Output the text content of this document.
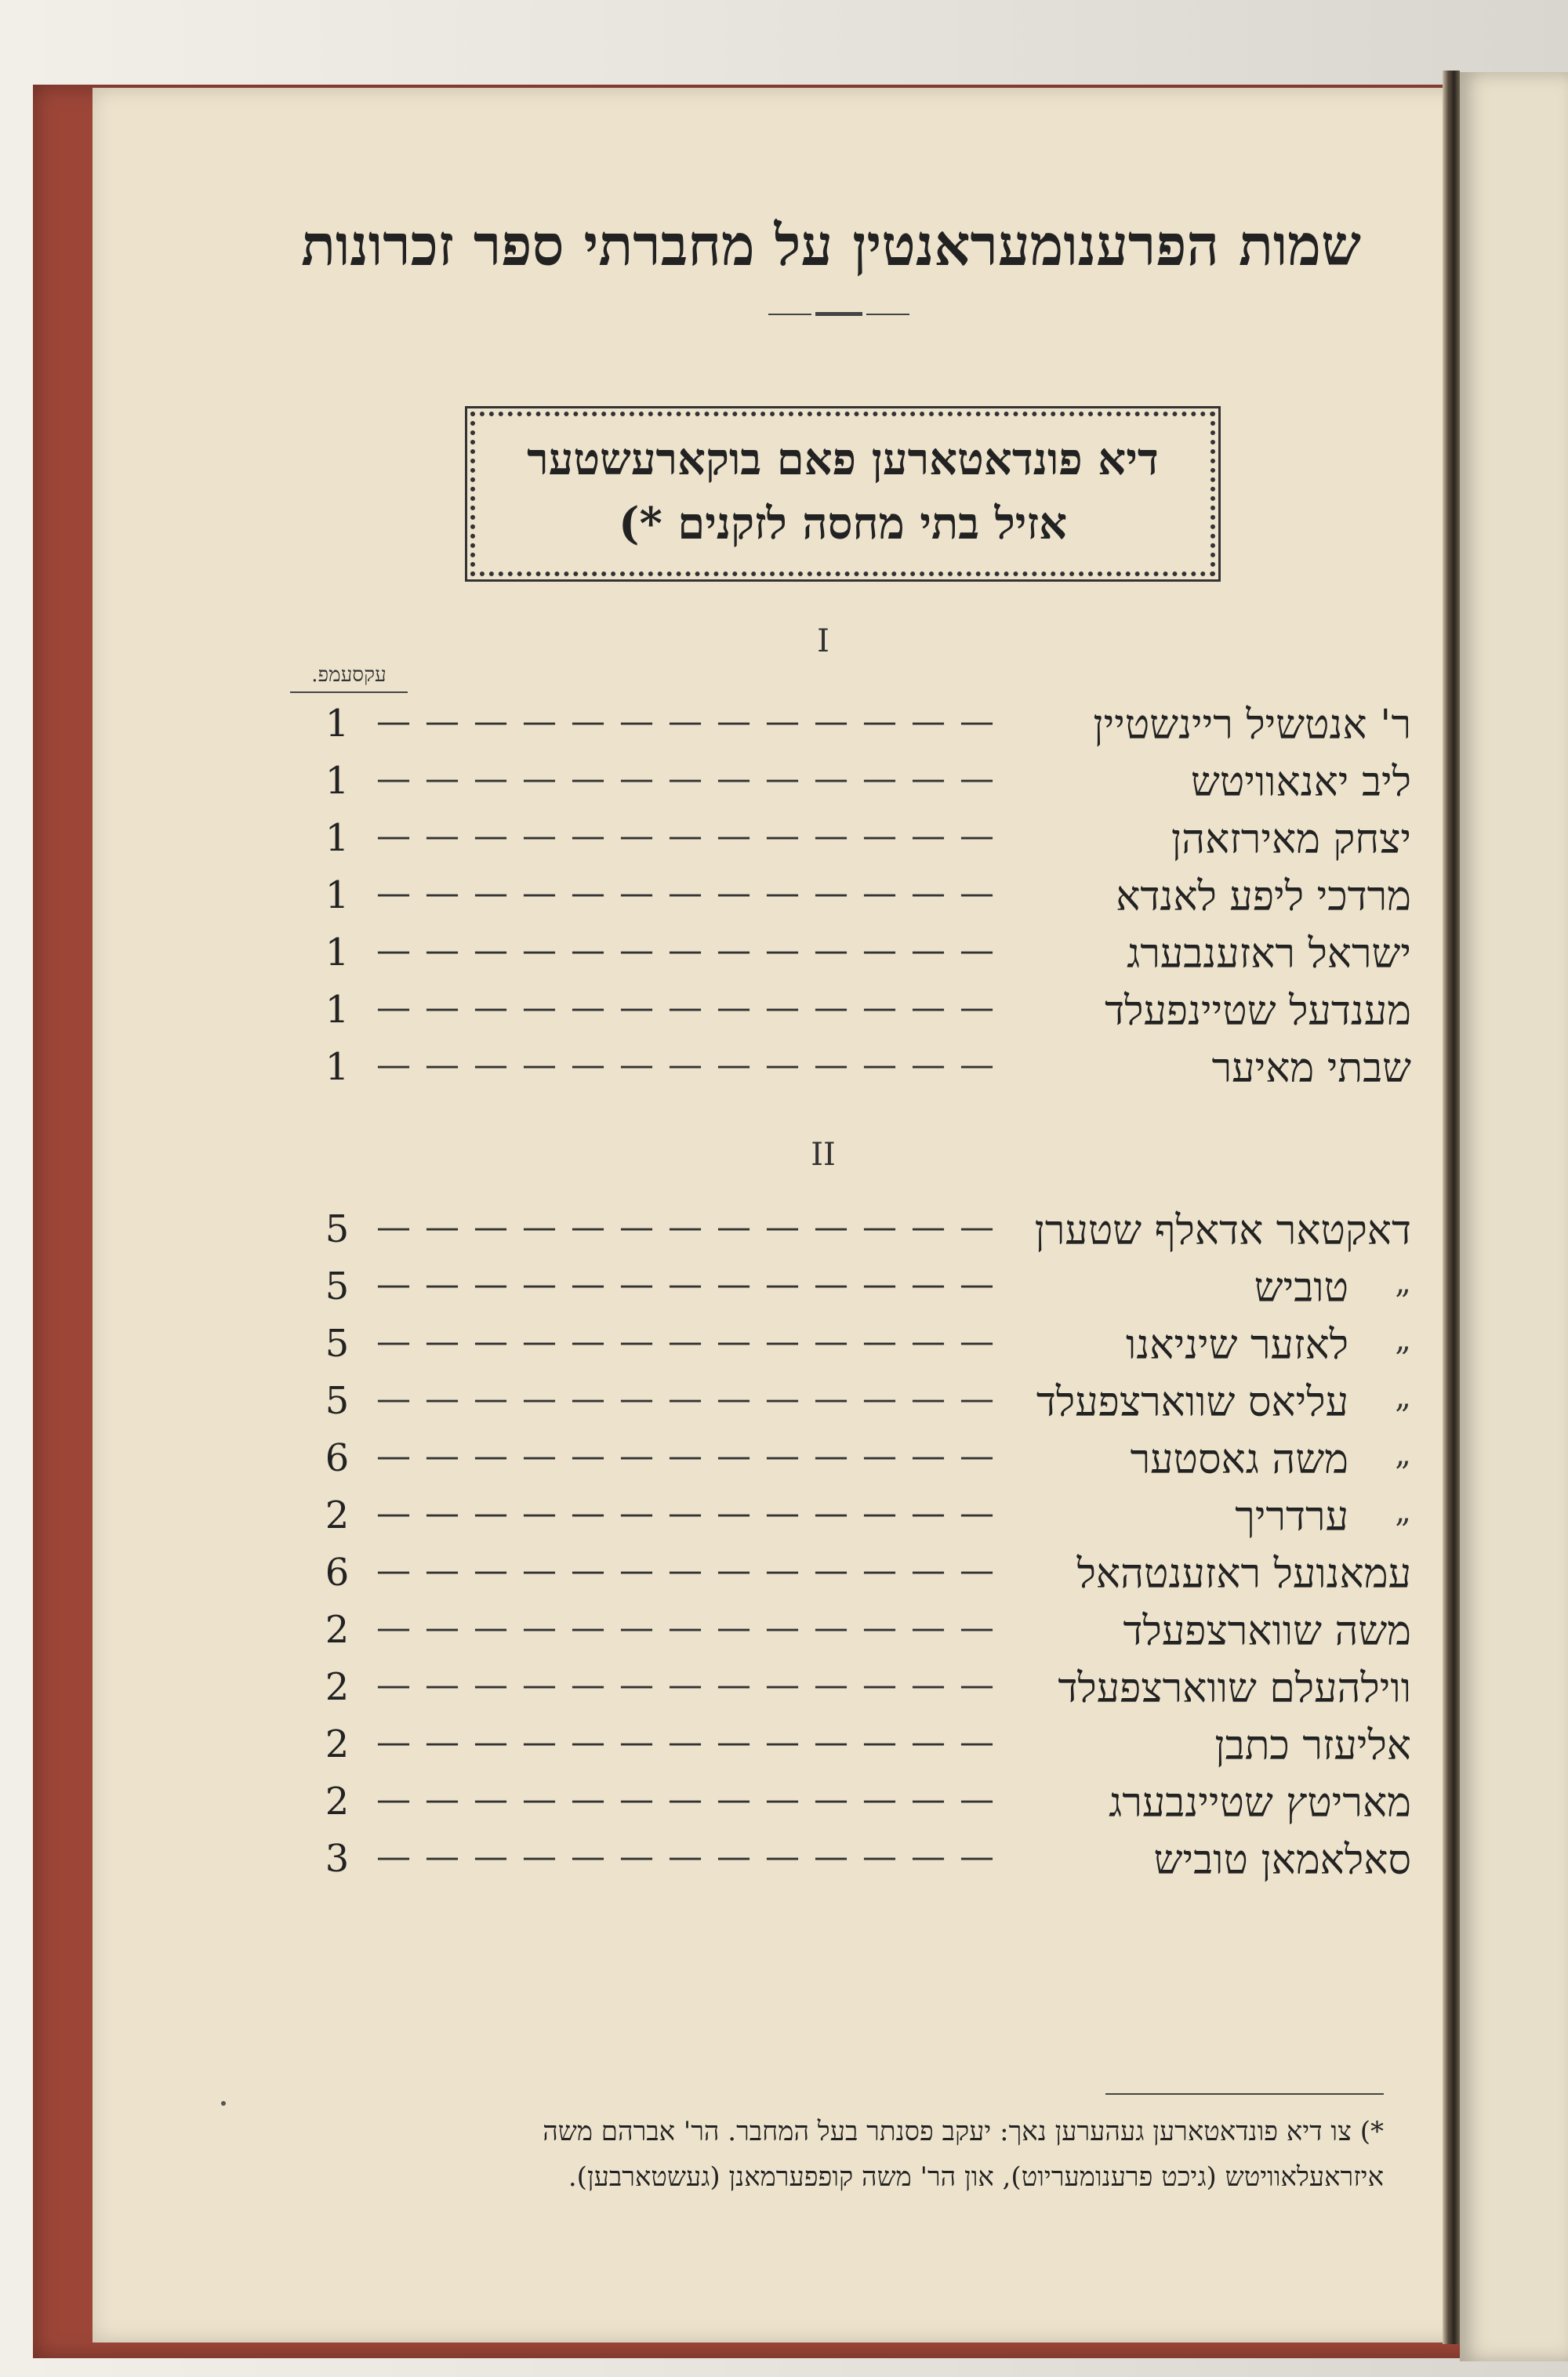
שמות הפרענומעראנטין על מחברתי ספר זכרונות
דיא פונדאטארען פאם בוקארעשטער
אזיל בתי מחסה לזקנים *)
I
עקסעמפ.
1 —————————————	ר' אנטשיל ריינשטיין
1 —————————————	ליב יאנאוויטש
1 —————————————	יצחק מאירזאהן
1 —————————————	מרדכי ליפע לאנדא
1 —————————————	ישראל ראזענבערג
1 —————————————	מענדעל שטיינפעלד
1 —————————————	שבתי מאיער
II
5 ————————————— דאקטאר אדאלף שטערן
5 —————————————	טוביש „
5 —————————————	לאזער שיניאנו „
5 ————————————— עליאס שווארצפעלד „
6 —————————————	משה גאסטער „
2 —————————————	ערדריך „
6 —————————————	עמאנועל ראזענטהאל
2 —————————————	משה שווארצפעלד
2 —————————————	ווילהעלם שווארצפעלד
2 —————————————	אליעזר כתבן
2 —————————————	מאריטץ שטיינבערג
3 —————————————	סאלאמאן טוביש
*) צו דיא פונדאטארען געהערען נאך: יעקב פסנתר בעל המחבר. הר' אברהם משה
איזראעלאוויטש (גיכט פרענומעריוט), און הר' משה קופפערמאנן (געשטארבען).
